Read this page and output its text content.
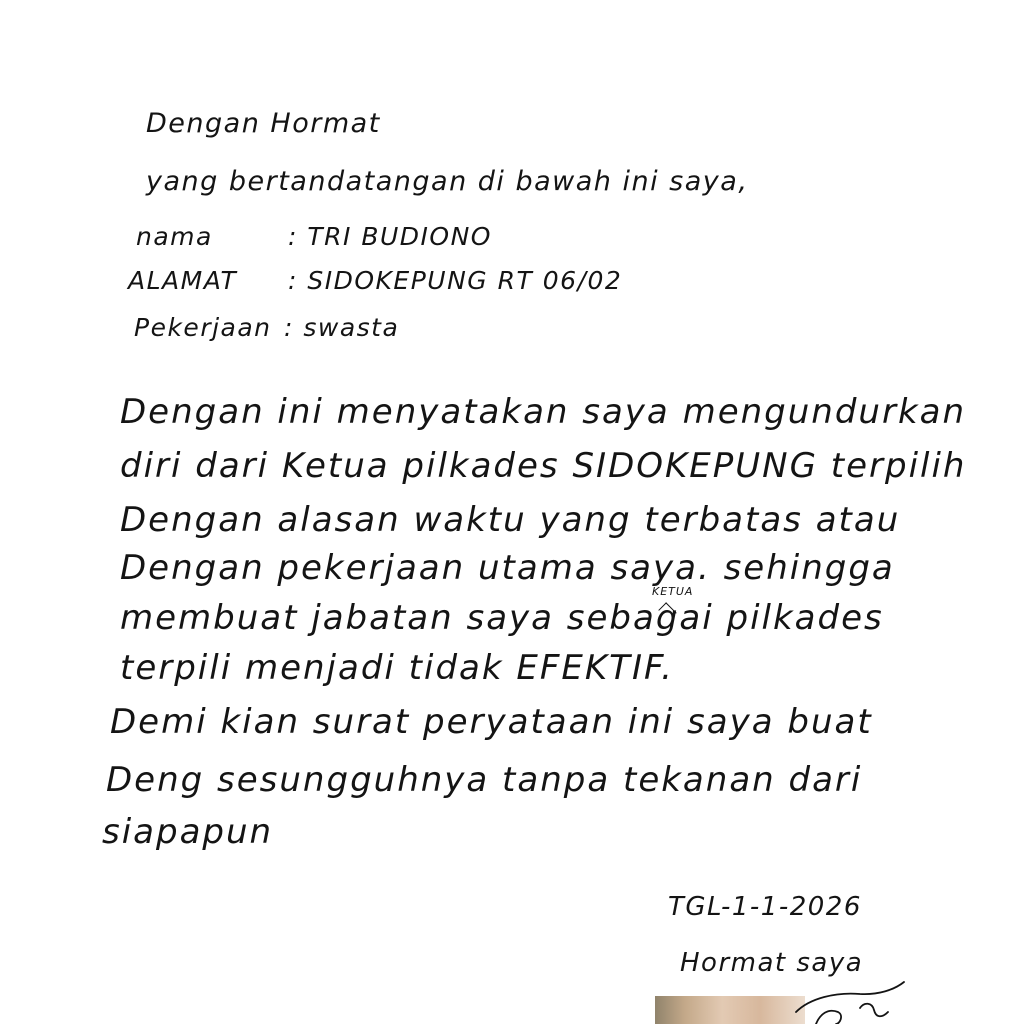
Dengan Hormat
yang bertandatangan di bawah ini saya,
nama	: TRI BUDIONO
ALAMAT : SIDOKEPUNG RT 06/02
Pekerjaan : swasta
Dengan ini menyatakan saya mengundurkan
diri dari Ketua pilkades SIDOKEPUNG terpilih
Dengan alasan waktu yang terbatas atau
Dengan pekerjaan utama saya. sehingga
KETUA
membuat jabatan saya sebagai pilkades
terpili menjadi tidak EFEKTIF.
Demi kian surat peryataan ini saya buat
Deng sesungguhnya tanpa tekanan dari
siapapun
TGL-1-1-2026
Hormat saya
